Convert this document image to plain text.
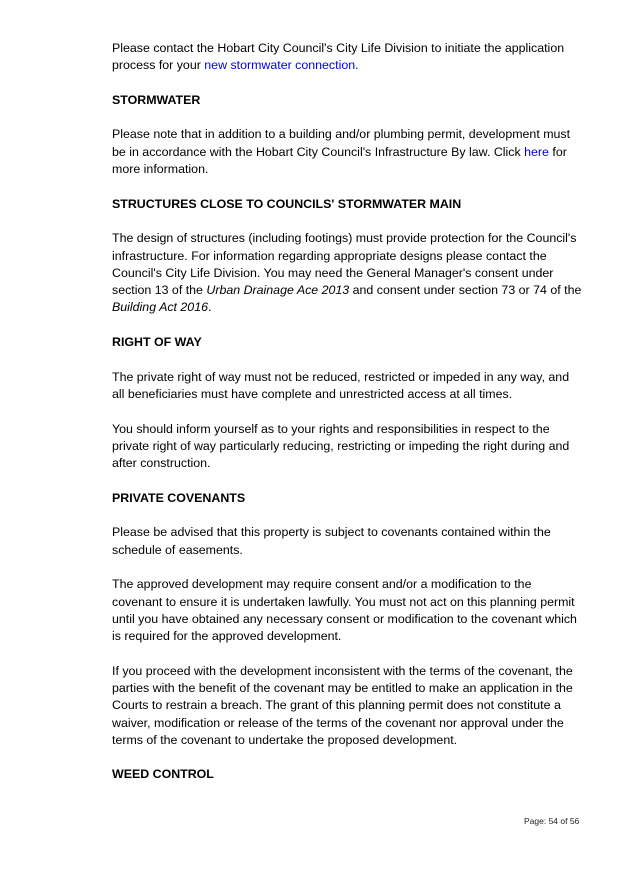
Please contact the Hobart City Council's City Life Division to initiate the application process for your new stormwater connection.

STORMWATER

Please note that in addition to a building and/or plumbing permit, development must be in accordance with the Hobart City Council's Infrastructure By law. Click here for more information.

STRUCTURES CLOSE TO COUNCILS' STORMWATER MAIN

The design of structures (including footings) must provide protection for the Council's infrastructure. For information regarding appropriate designs please contact the Council's City Life Division. You may need the General Manager's consent under section 13 of the Urban Drainage Ace 2013 and consent under section 73 or 74 of the Building Act 2016.

RIGHT OF WAY

The private right of way must not be reduced, restricted or impeded in any way, and all beneficiaries must have complete and unrestricted access at all times.

You should inform yourself as to your rights and responsibilities in respect to the private right of way particularly reducing, restricting or impeding the right during and after construction.

PRIVATE COVENANTS

Please be advised that this property is subject to covenants contained within the schedule of easements.

The approved development may require consent and/or a modification to the covenant to ensure it is undertaken lawfully. You must not act on this planning permit until you have obtained any necessary consent or modification to the covenant which is required for the approved development.

If you proceed with the development inconsistent with the terms of the covenant, the parties with the benefit of the covenant may be entitled to make an application in the Courts to restrain a breach. The grant of this planning permit does not constitute a waiver, modification or release of the terms of the covenant nor approval under the terms of the covenant to undertake the proposed development.

WEED CONTROL
Page: 54 of 56
